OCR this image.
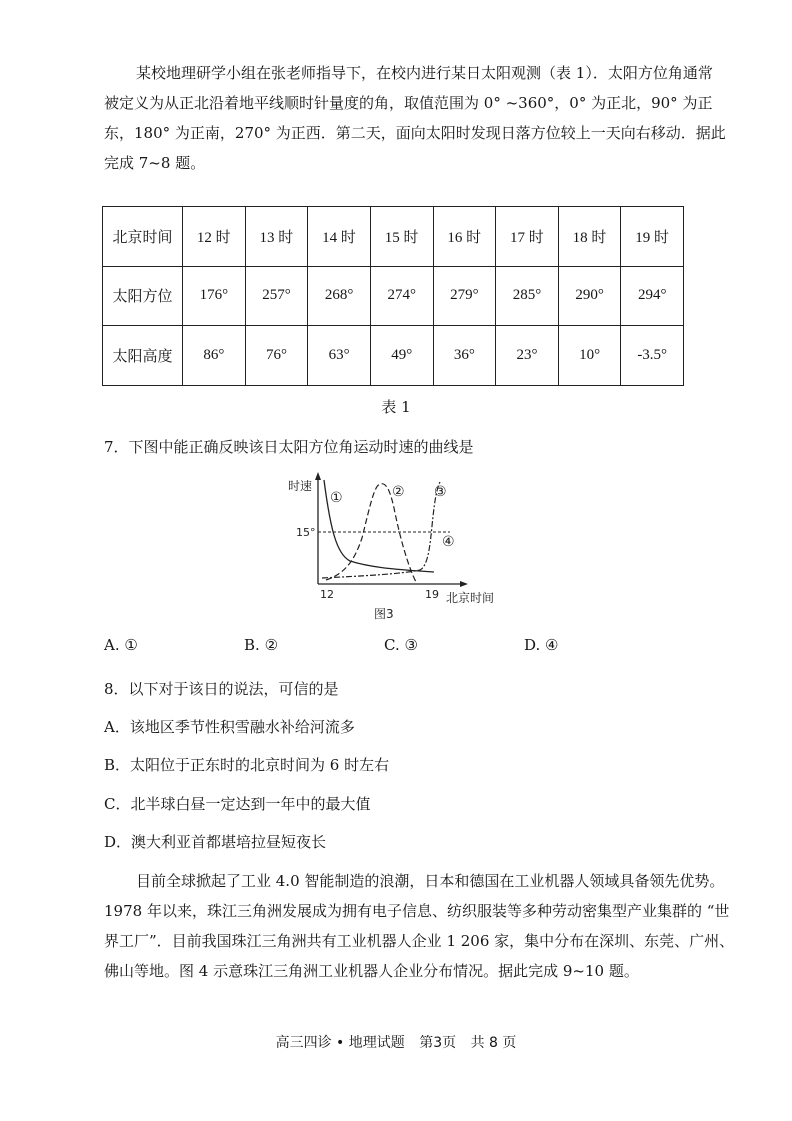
某校地理研学小组在张老师指导下，在校内进行某日太阳观测（表 1）．太阳方位角通常
被定义为从正北沿着地平线顺时针量度的角，取值范围为 0° ~360°，0° 为正北，90° 为正
东，180° 为正南，270° 为正西．第二天，面向太阳时发现日落方位较上一天向右移动．据此
完成 7~8 题。
北京时间	12 时	13 时	14 时	15 时	16 时	17 时	18 时	19 时
太阳方位	176°	257°	268°	274°	279°	285°	290°	294°
太阳高度	86°	76°	63°	49°	36°	23°	10°	-3.5°
表 1
7．下图中能正确反映该日太阳方位角运动时速的曲线是
时速
15°
12	19 北京时间
图3
①	② ③
④
A. ①	B. ②	C. ③	D. ④
8．以下对于该日的说法，可信的是
A．该地区季节性积雪融水补给河流多
B．太阳位于正东时的北京时间为 6 时左右
C．北半球白昼一定达到一年中的最大值
D．澳大利亚首都堪培拉昼短夜长
目前全球掀起了工业 4.0 智能制造的浪潮，日本和德国在工业机器人领域具备领先优势。
1978 年以来，珠江三角洲发展成为拥有电子信息、纺织服装等多种劳动密集型产业集群的 “世
界工厂”．目前我国珠江三角洲共有工业机器人企业 1 206 家，集中分布在深圳、东莞、广州、
佛山等地。图 4 示意珠江三角洲工业机器人企业分布情况。据此完成 9~10 题。
高三四诊 • 地理试题 第3页 共 8 页
